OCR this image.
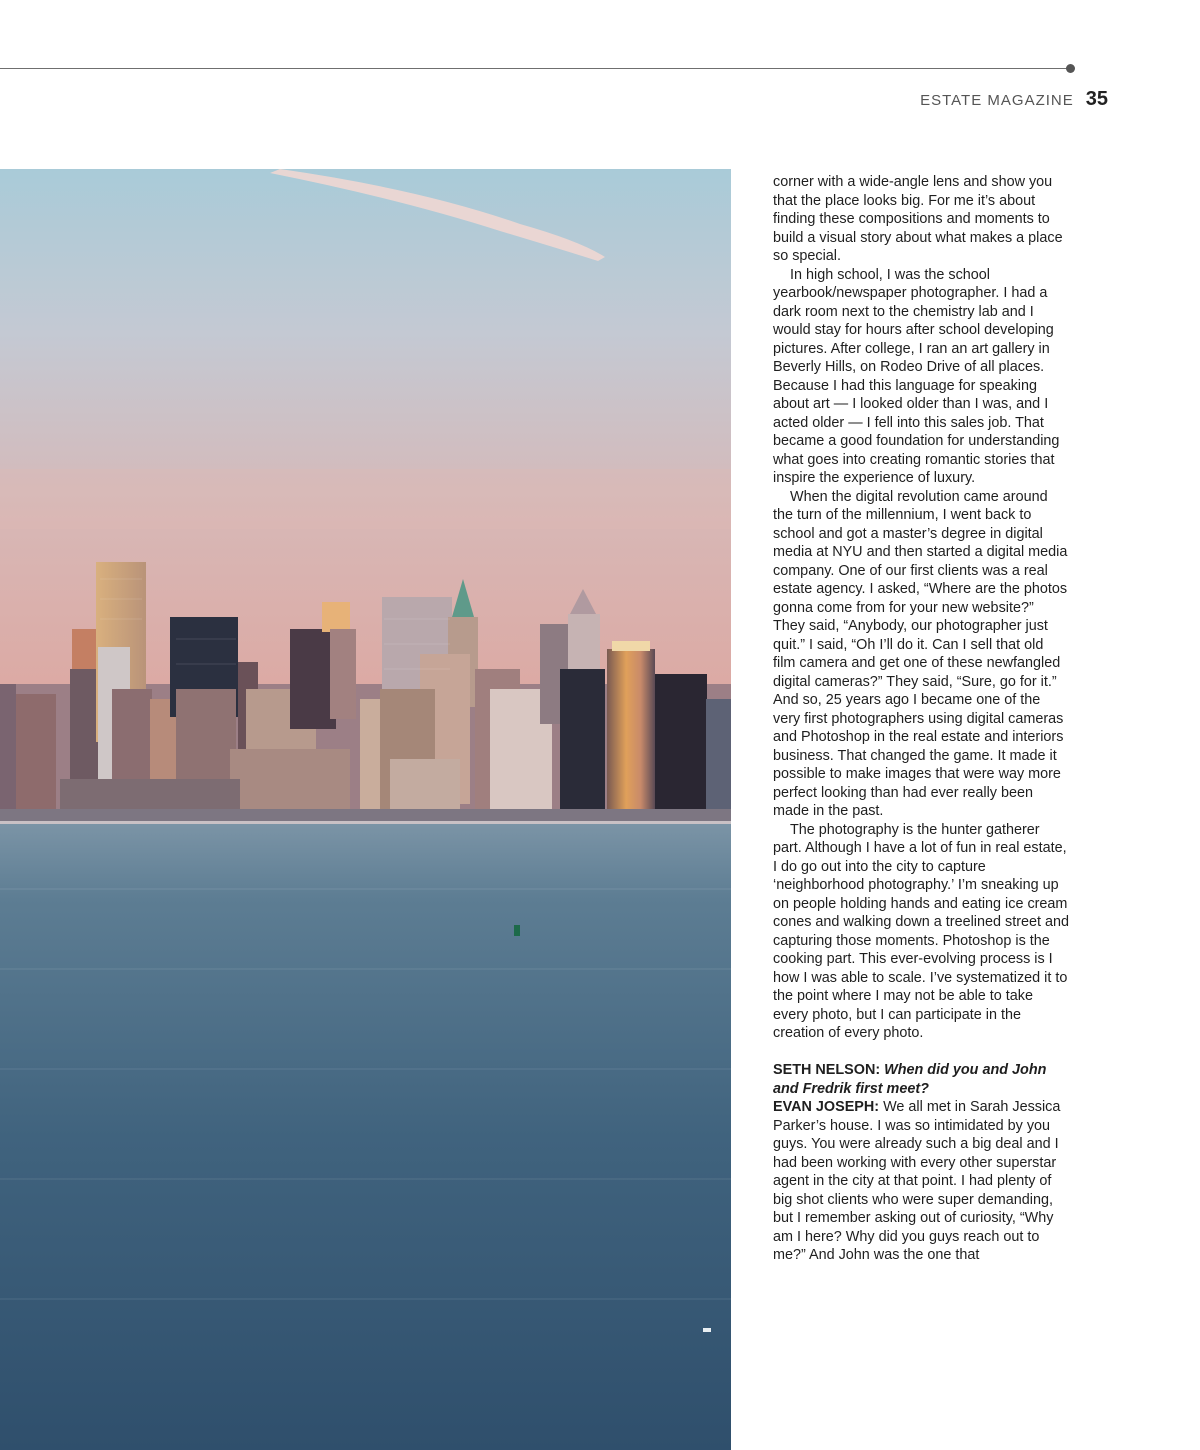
ESTATE MAGAZINE 35

corner with a wide-angle lens and show you that the place looks big. For me it’s about finding these compositions and moments to build a visual story about what makes a place so special.

In high school, I was the school yearbook/newspaper photographer. I had a dark room next to the chemistry lab and I would stay for hours after school developing pictures. After college, I ran an art gallery in Beverly Hills, on Rodeo Drive of all places. Because I had this language for speaking about art — I looked older than I was, and I acted older — I fell into this sales job. That became a good foundation for understanding what goes into creating romantic stories that inspire the experience of luxury.

When the digital revolution came around the turn of the millennium, I went back to school and got a master’s degree in digital media at NYU and then started a digital media company. One of our first clients was a real estate agency. I asked, “Where are the photos gonna come from for your new website?” They said, “Anybody, our photographer just quit.” I said, “Oh I’ll do it. Can I sell that old film camera and get one of these newfangled digital cameras?” They said, “Sure, go for it.” And so, 25 years ago I became one of the very first photographers using digital cameras and Photoshop in the real estate and interiors business. That changed the game. It made it possible to make images that were way more perfect looking than had ever really been made in the past.

The photography is the hunter gatherer part. Although I have a lot of fun in real estate, I do go out into the city to capture ‘neighborhood photography.’ I’m sneaking up on people holding hands and eating ice cream cones and walking down a treelined street and capturing those moments. Photoshop is the cooking part. This ever-evolving process is I how I was able to scale. I’ve systematized it to the point where I may not be able to take every photo, but I can participate in the creation of every photo.

SETH NELSON: When did you and John and Fredrik first meet?

EVAN JOSEPH: We all met in Sarah Jessica Parker’s house. I was so intimidated by you guys. You were already such a big deal and I had been working with every other superstar agent in the city at that point. I had plenty of big shot clients who were super demanding, but I remember asking out of curiosity, “Why am I here? Why did you guys reach out to me?” And John was the one that
